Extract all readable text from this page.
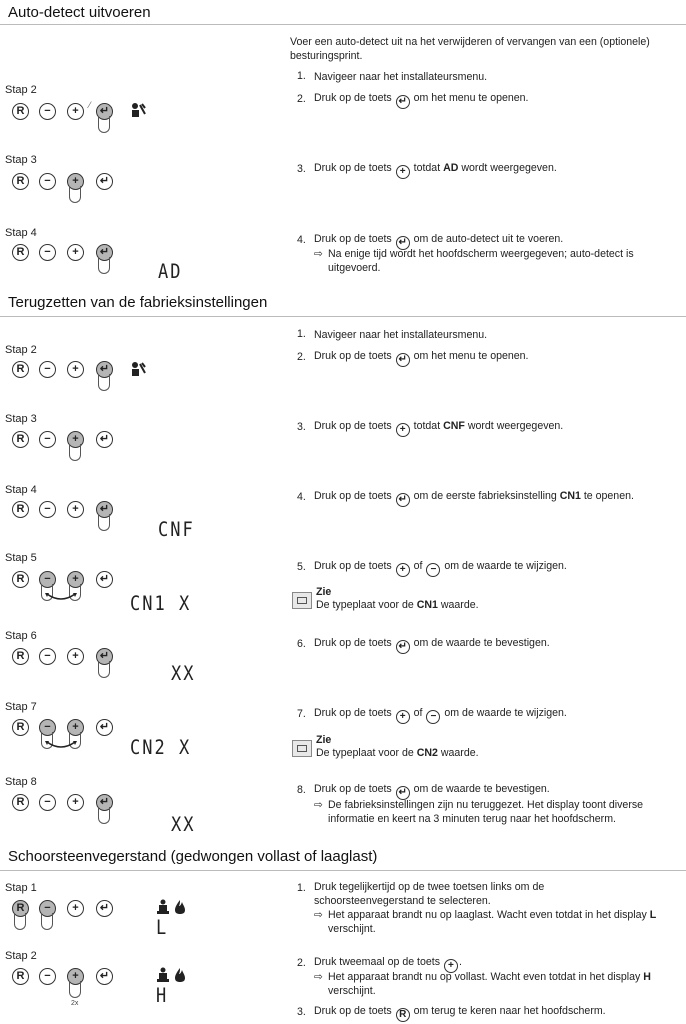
Auto-detect uitvoeren
Voer een auto-detect uit na het verwijderen of vervangen van een (optionele) besturingsprint.
Stap 2
R	−	+	↵
⁄
1. Navigeer naar het installateursmenu.
2. Druk op de toets ↵ om het menu te openen.
Stap 3
R	−	+	↵
3. Druk op de toets + totdat AD wordt weergegeven.
Stap 4
R	−	+	↵
AD
4. Druk op de toets ↵ om de auto-detect uit te voeren.
⇨ Na enige tijd wordt het hoofdscherm weergegeven; auto-detect is uitgevoerd.
Terugzetten van de fabrieksinstellingen
1. Navigeer naar het installateursmenu.
Stap 2
R	−	+	↵
2. Druk op de toets ↵ om het menu te openen.
Stap 3
R	−	+	↵
3. Druk op de toets + totdat CNF wordt weergegeven.
Stap 4
R	−	+	↵
CNF
4. Druk op de toets ↵ om de eerste fabrieksinstelling CN1 te openen.
Stap 5
R	−	+	↵
CN1 X
5. Druk op de toets + of − om de waarde te wijzigen.
Zie
De typeplaat voor de CN1 waarde.
Stap 6
R	−	+	↵
XX
6. Druk op de toets ↵ om de waarde te bevestigen.
Stap 7
R	−	+	↵
CN2 X
7. Druk op de toets + of − om de waarde te wijzigen.
Zie
De typeplaat voor de CN2 waarde.
Stap 8
R	−	+	↵
XX
8. Druk op de toets ↵ om de waarde te bevestigen.
⇨ De fabrieksinstellingen zijn nu teruggezet. Het display toont diverse informatie en keert na 3 minuten terug naar het hoofdscherm.
Schoorsteenvegerstand (gedwongen vollast of laaglast)
Stap 1
R	−	+	↵
L
1. Druk tegelijkertijd op de twee toetsen links om de schoorsteenvegerstand te selecteren.
⇨ Het apparaat brandt nu op laaglast. Wacht even totdat in het display L verschijnt.
Stap 2
R	−	+	↵
2x	H
2. Druk tweemaal op de toets + .
⇨ Het apparaat brandt nu op vollast. Wacht even totdat in het display H verschijnt.
3. Druk op de toets R om terug te keren naar het hoofdscherm.
